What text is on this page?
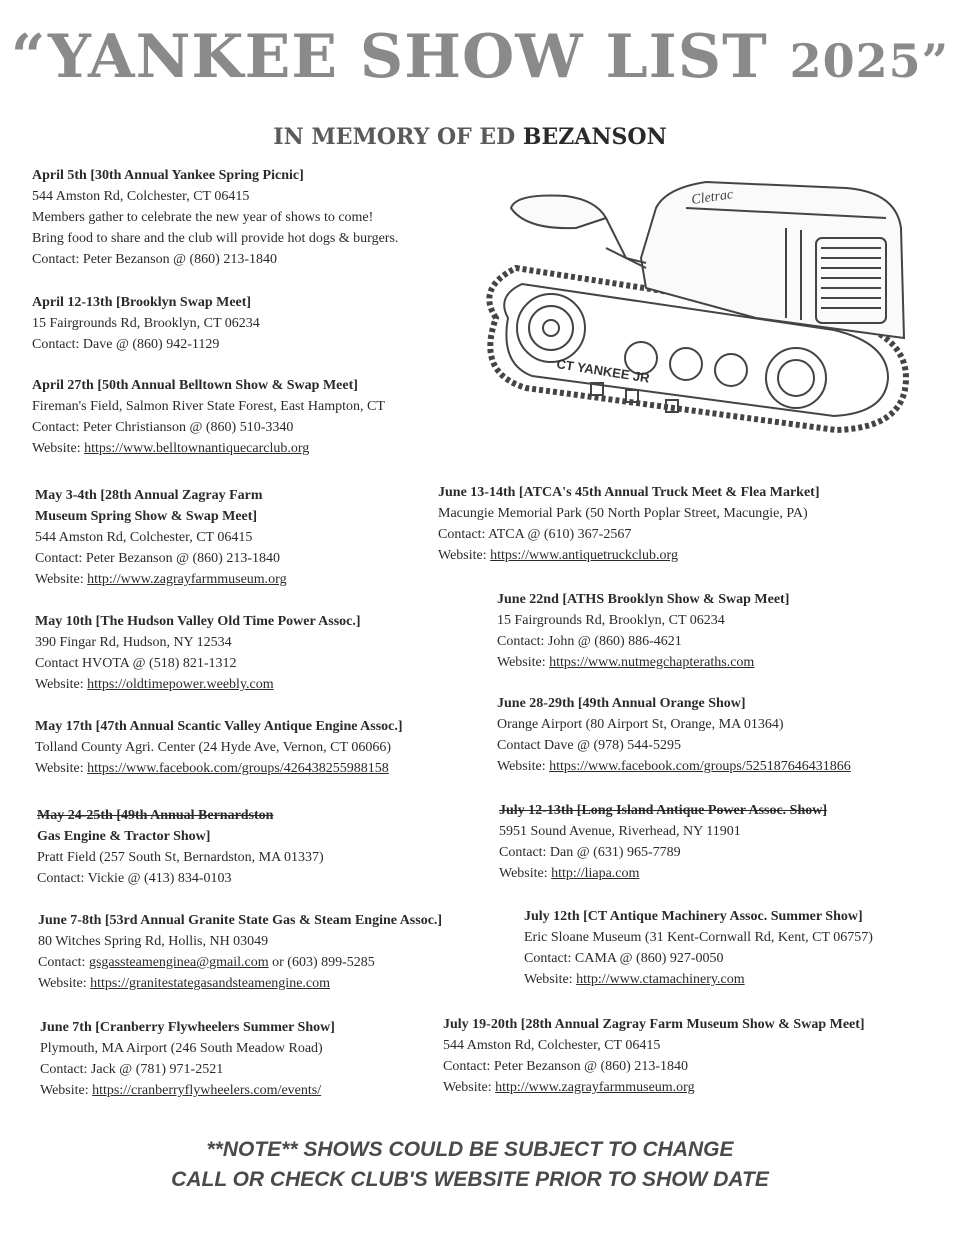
“YANKEE SHOW LIST 2025”
IN MEMORY OF ED BEZANSON
Cletrac
CT YANKEE JR
April 5th [30th Annual Yankee Spring Picnic]
544 Amston Rd, Colchester, CT 06415
Members gather to celebrate the new year of shows to come!
Bring food to share and the club will provide hot dogs & burgers.
Contact: Peter Bezanson @ (860) 213-1840
April 12-13th [Brooklyn Swap Meet]
15 Fairgrounds Rd, Brooklyn, CT 06234
Contact: Dave @ (860) 942-1129
April 27th [50th Annual Belltown Show & Swap Meet]
Fireman's Field, Salmon River State Forest, East Hampton, CT
Contact: Peter Christianson @ (860) 510-3340
Website: https://www.belltownantiquecarclub.org
May 3-4th [28th Annual Zagray Farm
Museum Spring Show & Swap Meet]
544 Amston Rd, Colchester, CT 06415
Contact: Peter Bezanson @ (860) 213-1840
Website: http://www.zagrayfarmmuseum.org
May 10th [The Hudson Valley Old Time Power Assoc.]
390 Fingar Rd, Hudson, NY 12534
Contact HVOTA @ (518) 821-1312
Website: https://oldtimepower.weebly.com
May 17th [47th Annual Scantic Valley Antique Engine Assoc.]
Tolland County Agri. Center (24 Hyde Ave, Vernon, CT 06066)
Website: https://www.facebook.com/groups/426438255988158
May 24-25th [49th Annual Bernardston
Gas Engine & Tractor Show]
Pratt Field (257 South St, Bernardston, MA 01337)
Contact: Vickie @ (413) 834-0103
June 7-8th [53rd Annual Granite State Gas & Steam Engine Assoc.]
80 Witches Spring Rd, Hollis, NH 03049
Contact: gsgassteamenginea@gmail.com or (603) 899-5285
Website: https://granitestategasandsteamengine.com
June 7th [Cranberry Flywheelers Summer Show]
Plymouth, MA Airport (246 South Meadow Road)
Contact: Jack @ (781) 971-2521
Website: https://cranberryflywheelers.com/events/
June 13-14th [ATCA's 45th Annual Truck Meet & Flea Market]
Macungie Memorial Park (50 North Poplar Street, Macungie, PA)
Contact: ATCA @ (610) 367-2567
Website: https://www.antiquetruckclub.org
June 22nd [ATHS Brooklyn Show & Swap Meet]
15 Fairgrounds Rd, Brooklyn, CT 06234
Contact: John @ (860) 886-4621
Website: https://www.nutmegchapteraths.com
June 28-29th [49th Annual Orange Show]
Orange Airport (80 Airport St, Orange, MA 01364)
Contact Dave @ (978) 544-5295
Website: https://www.facebook.com/groups/525187646431866
July 12-13th [Long Island Antique Power Assoc. Show]
5951 Sound Avenue, Riverhead, NY 11901
Contact: Dan @ (631) 965-7789
Website: http://liapa.com
July 12th [CT Antique Machinery Assoc. Summer Show]
Eric Sloane Museum (31 Kent-Cornwall Rd, Kent, CT 06757)
Contact: CAMA @ (860) 927-0050
Website: http://www.ctamachinery.com
July 19-20th [28th Annual Zagray Farm Museum Show & Swap Meet]
544 Amston Rd, Colchester, CT 06415
Contact: Peter Bezanson @ (860) 213-1840
Website: http://www.zagrayfarmmuseum.org
**NOTE** SHOWS COULD BE SUBJECT TO CHANGE
CALL OR CHECK CLUB'S WEBSITE PRIOR TO SHOW DATE
